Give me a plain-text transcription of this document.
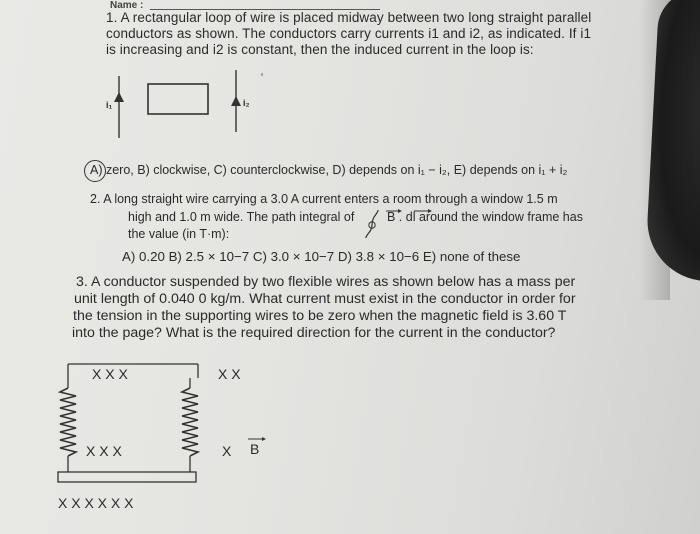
Name :
1. A rectangular loop of wire is placed midway between two long straight parallel
conductors as shown. The conductors carry currents i1 and i2, as indicated. If i1
is increasing and i2 is constant, then the induced current in the loop is:
i₁	i₂
A) zero, B) clockwise, C) counterclockwise, D) depends on i₁ − i₂, E) depends on i₁ + i₂
2. A long straight wire carrying a 3.0 A current enters a room through a window 1.5 m
high and 1.0 m wide. The path integral of	B . dl around the window frame has
the value (in T·m):
A) 0.20 B) 2.5 × 10−7 C) 3.0 × 10−7 D) 3.8 × 10−6 E) none of these
3. A conductor suspended by two flexible wires as shown below has a mass per
unit length of 0.040 0 kg/m. What current must exist in the conductor in order for
the tension in the supporting wires to be zero when the magnetic field is 3.60 T
into the page? What is the required direction for the current in the conductor?
X X X	X X
X X X	X B
X X X X X X
